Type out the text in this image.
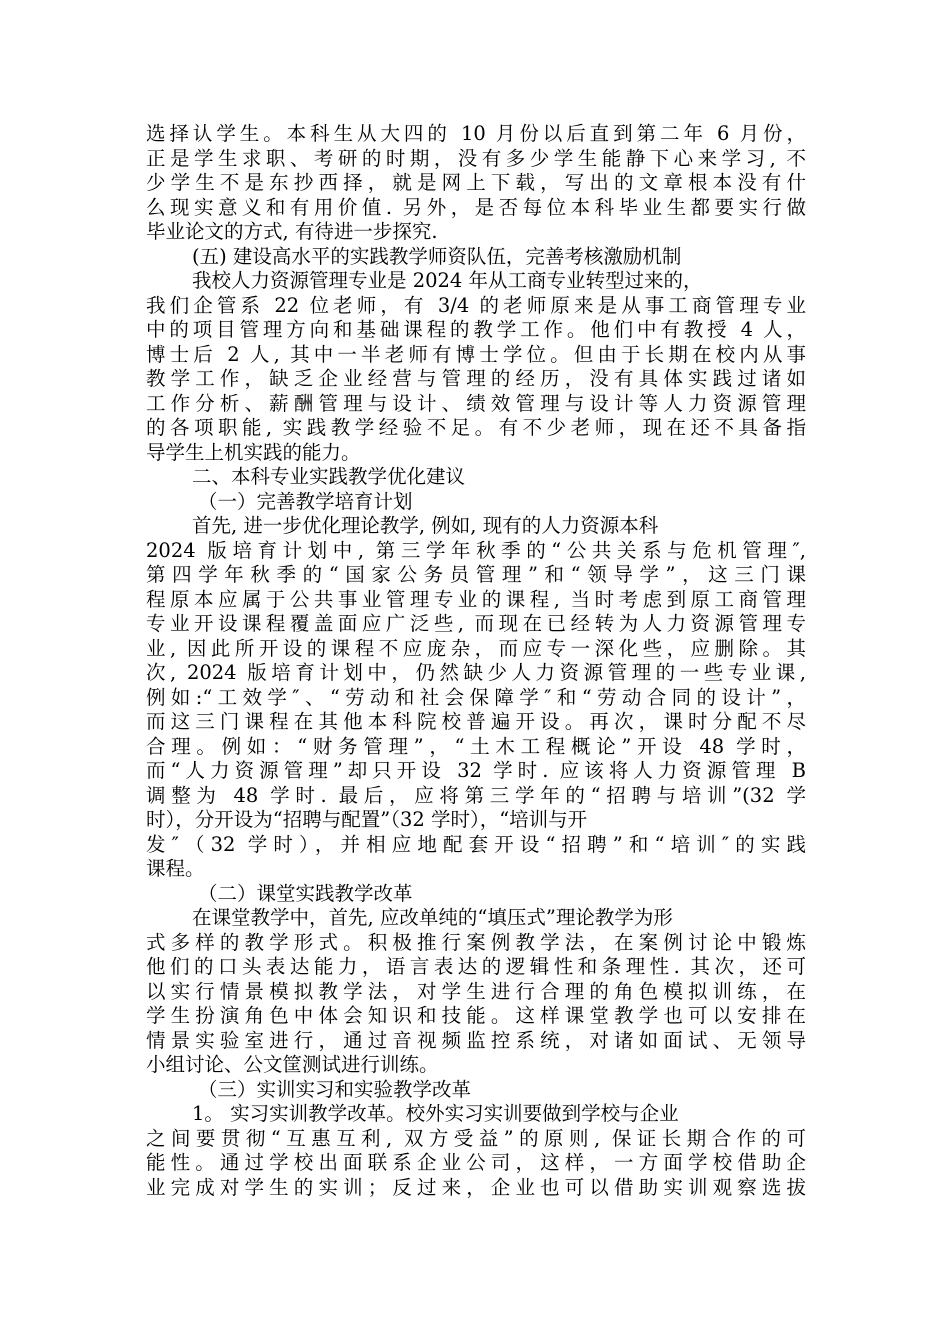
选择认学生。本科生从大四的 10 月份以后直到第二年 6 月份，
正是学生求职、考研的时期，没有多少学生能静下心来学习, 不
少学生不是东抄西择，就是网上下载，写出的文章根本没有什
么现实意义和有用价值. 另外，是否每位本科毕业生都要实行做
毕业论文的方式, 有待进一步探究.
(五) 建设高水平的实践教学师资队伍，完善考核激励机制
我校人力资源管理专业是 2024 年从工商专业转型过来的，
我们企管系 22 位老师，有 3/4 的老师原来是从事工商管理专业
中的项目管理方向和基础课程的教学工作。他们中有教授 4 人，
博士后 2 人, 其中一半老师有博士学位。但由于长期在校内从事
教学工作，缺乏企业经营与管理的经历，没有具体实践过诸如
工作分析、薪酬管理与设计、绩效管理与设计等人力资源管理
的各项职能, 实践教学经验不足。有不少老师，现在还不具备指
导学生上机实践的能力。
二、本科专业实践教学优化建议
（一）完善教学培育计划
首先, 进一步优化理论教学, 例如, 现有的人力资源本科
2024 版培育计划中, 第三学年秋季的“公共关系与危机管理″,
第四学年秋季的“国家公务员管理”和“领导学”，这三门课
程原本应属于公共事业管理专业的课程, 当时考虑到原工商管理
专业开设课程覆盖面应广泛些, 而现在已经转为人力资源管理专
业, 因此所开设的课程不应庞杂，而应专一深化些，应删除。其
次, 2024 版培育计划中，仍然缺少人力资源管理的一些专业课,
例如:“工效学″、“劳动和社会保障学″和“劳动合同的设计”，
而这三门课程在其他本科院校普遍开设。再次，课时分配不尽
合理。例如：“财务管理”，“土木工程概论”开设 48 学时，
而“人力资源管理”却只开设 32 学时. 应该将人力资源管理 B
调整为 48 学时. 最后，应将第三学年的“招聘与培训”(32 学
时），分开设为“招聘与配置”（32 学时），“培训与开
发″（32 学时），并相应地配套开设“招聘”和“培训″的实践
课程。
（二）课堂实践教学改革
在课堂教学中，首先, 应改单纯的“填压式”理论教学为形
式多样的教学形式。积极推行案例教学法，在案例讨论中锻炼
他们的口头表达能力，语言表达的逻辑性和条理性. 其次，还可
以实行情景模拟教学法，对学生进行合理的角色模拟训练，在
学生扮演角色中体会知识和技能。这样课堂教学也可以安排在
情景实验室进行，通过音视频监控系统，对诸如面试、无领导
小组讨论、公文筐测试进行训练。
（三）实训实习和实验教学改革
1。 实习实训教学改革。校外实习实训要做到学校与企业
之间要贯彻“互惠互利, 双方受益”的原则, 保证长期合作的可
能性。通过学校出面联系企业公司，这样，一方面学校借助企
业完成对学生的实训；反过来，企业也可以借助实训观察选拔
